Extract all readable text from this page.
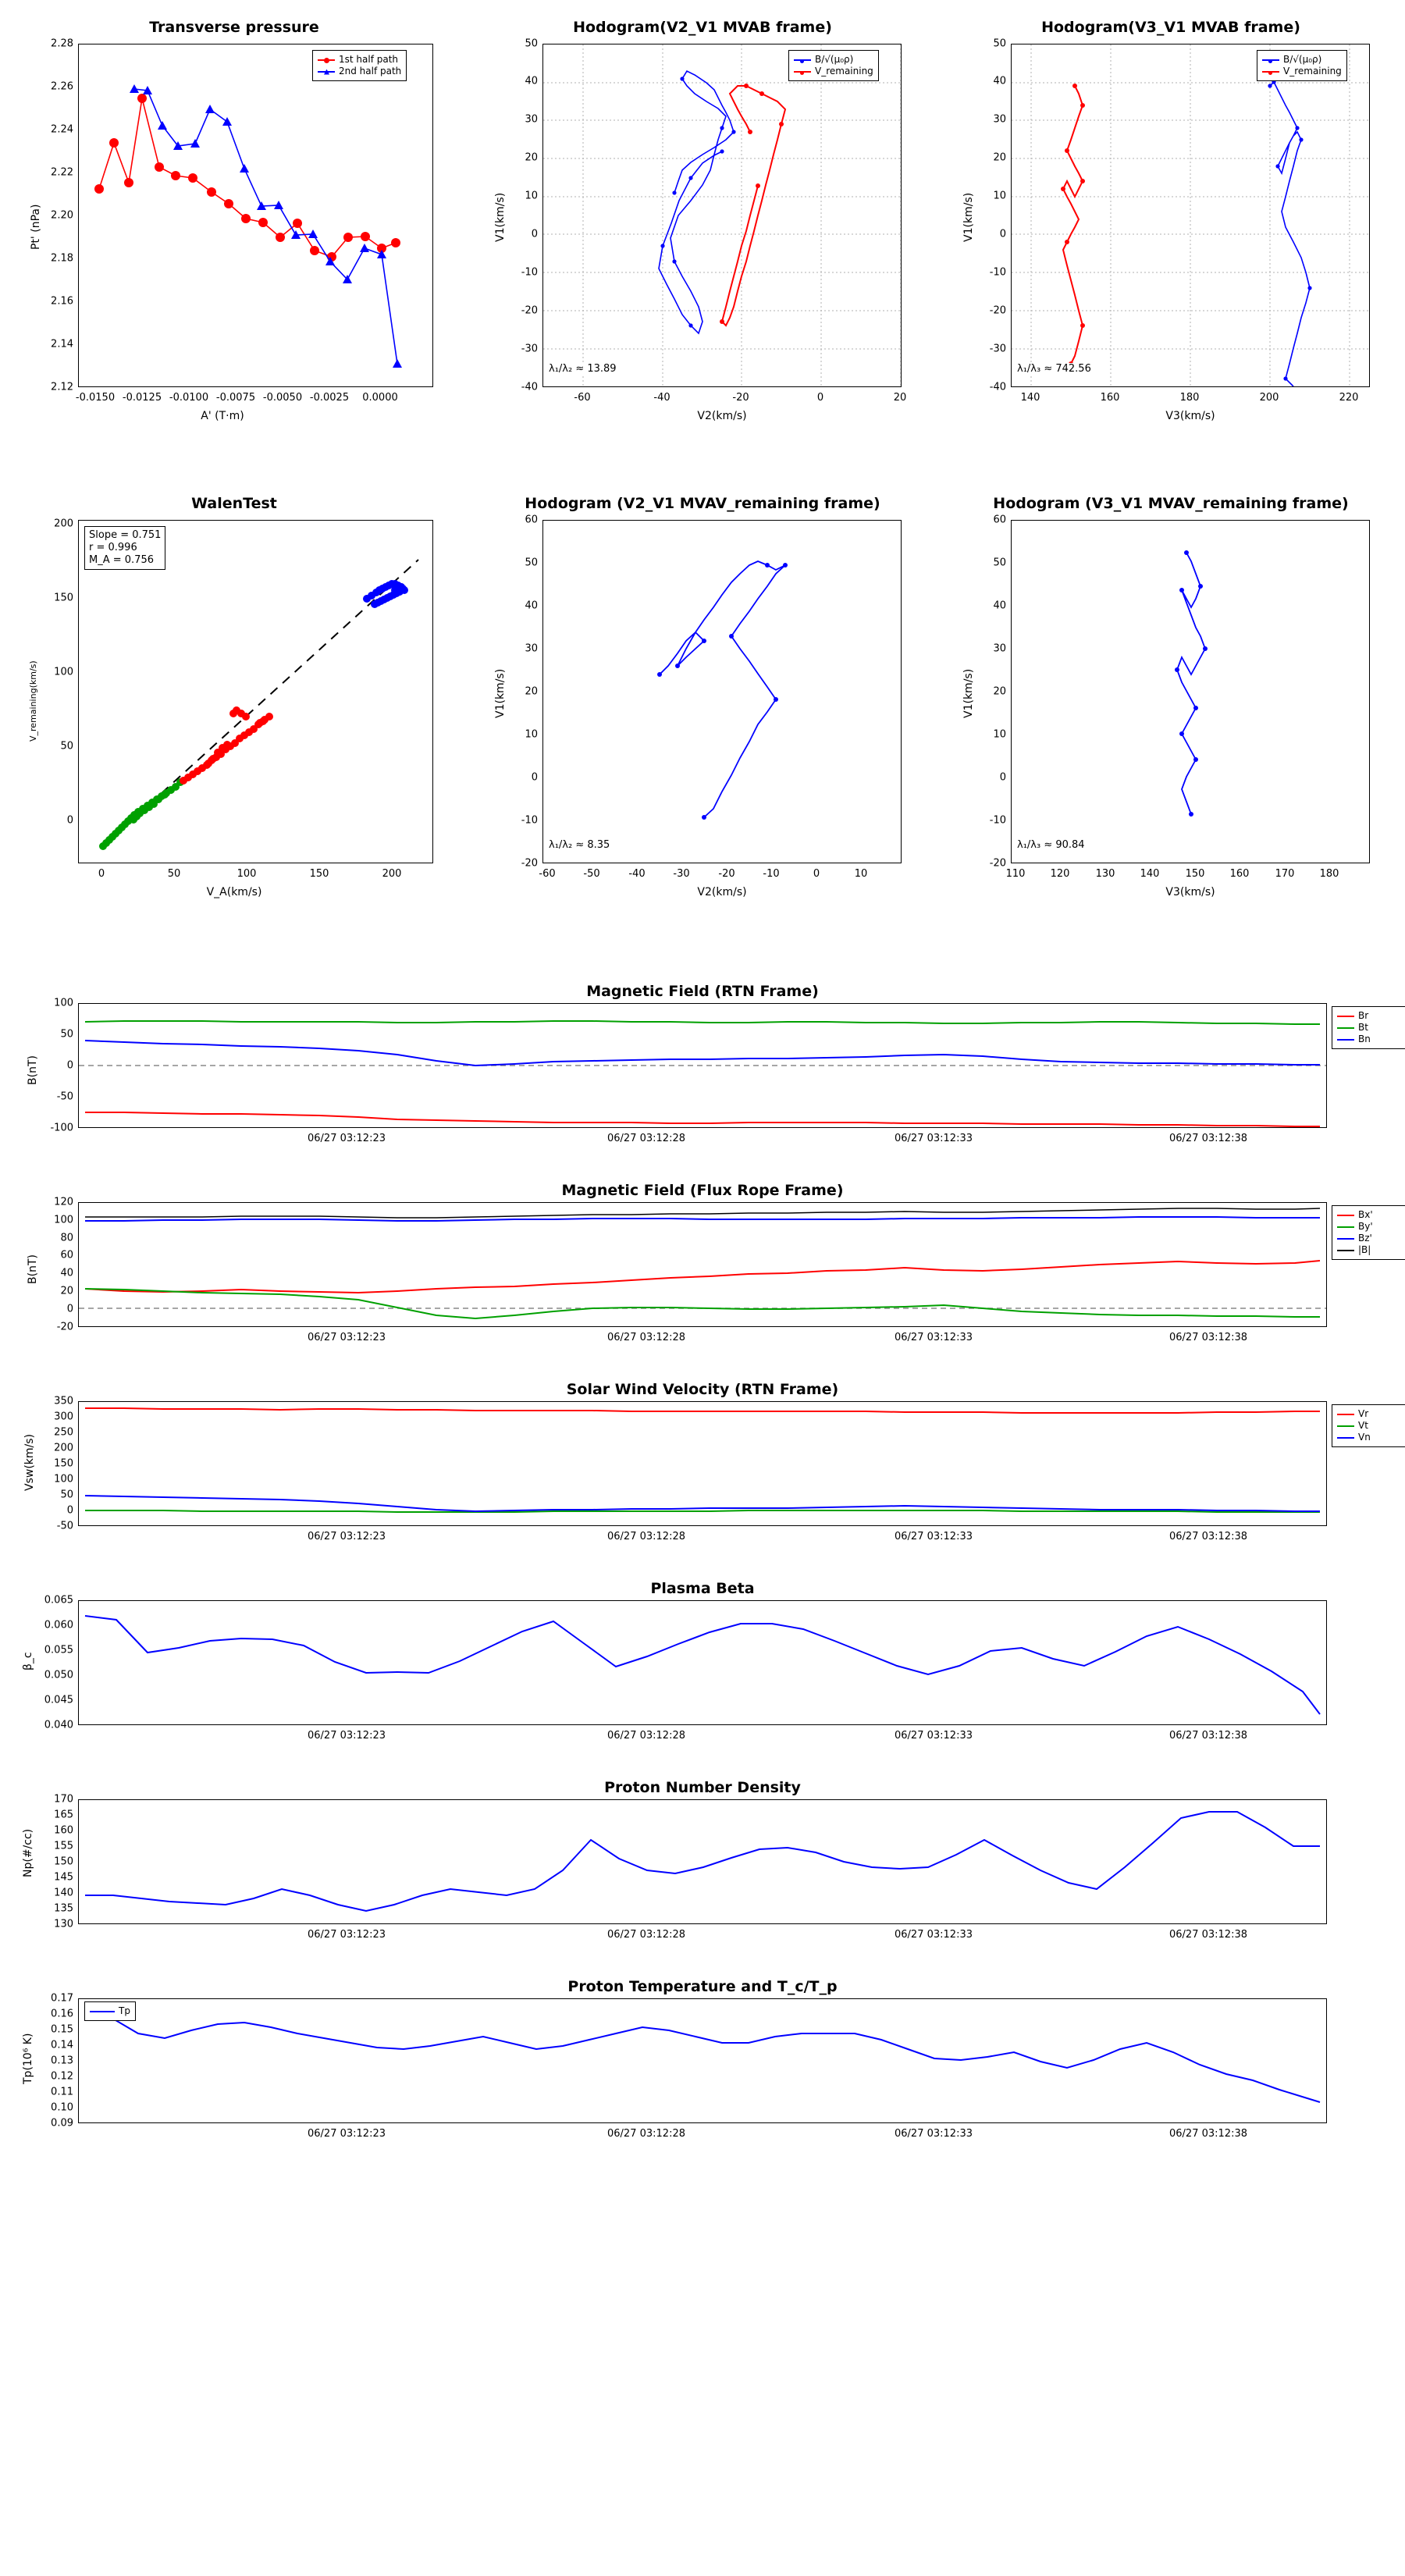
Transverse pressure
1st half path
2nd half path
2.12
2.14
2.16
2.18
2.20
2.22
2.24
2.26
2.28
-0.0150 -0.0125 -0.0100 -0.0075 -0.0050 -0.0025 0.0000
A' (T·m)
Pt' (nPa)
Hodogram(V2_V1 MVAB frame)
B/√(μ₀ρ)
V_remaining
λ₁/λ₂ ≈ 13.89
-40
-30
-20
-10
0
10
20
30
40
50
-60	-40	-20	0	20
V2(km/s)
V1(km/s)
Hodogram(V3_V1 MVAB frame)
B/√(μ₀ρ)
V_remaining
λ₁/λ₃ ≈ 742.56
-40
-30
-20
-10
0
10
20
30
40
50
140	160	180	200	220
V3(km/s)
V1(km/s)
WalenTest
Slope = 0.751
r = 0.996
M_A = 0.756
0
50
100
150
200
0	50	100	150	200
V_A(km/s)
V_remaining(km/s)
Hodogram (V2_V1 MVAV_remaining frame)
λ₁/λ₂ ≈ 8.35
-20
-10
0
10
20
30
40
50
60
-60	-50	-40	-30	-20	-10	0	10
V2(km/s)
V1(km/s)
Hodogram (V3_V1 MVAV_remaining frame)
λ₁/λ₃ ≈ 90.84
-20
-10
0
10
20
30
40
50
60
110 120	130 140	150 160	170 180
V3(km/s)
V1(km/s)
Magnetic Field (RTN Frame)
Br
Bt
Bn
-100
-50
0
50
100
06/27 03:12:23	06/27 03:12:28	06/27 03:12:33	06/27 03:12:38
B(nT)
Magnetic Field (Flux Rope Frame)
Bx'
By'
Bz'
|B|
-20
0
20
40
60
80
100
120
06/27 03:12:23	06/27 03:12:28	06/27 03:12:33	06/27 03:12:38
B(nT)
Solar Wind Velocity (RTN Frame)
Vr
Vt
Vn
-50
0
50
100
150
200
250
300
350
06/27 03:12:23	06/27 03:12:28	06/27 03:12:33	06/27 03:12:38
Vsw(km/s)
Plasma Beta
0.040
0.045
0.050
0.055
0.060
0.065
06/27 03:12:23	06/27 03:12:28	06/27 03:12:33	06/27 03:12:38
β_c
Proton Number Density
130
135
140
145
150
155
160
165
170
06/27 03:12:23	06/27 03:12:28	06/27 03:12:33	06/27 03:12:38
Np(#/cc)
Proton Temperature and T_c/T_p
Tp
0.09
0.10
0.11
0.12
0.13
0.14
0.15
0.16
0.17
06/27 03:12:23	06/27 03:12:28	06/27 03:12:33	06/27 03:12:38
Tp(10⁶ K)
